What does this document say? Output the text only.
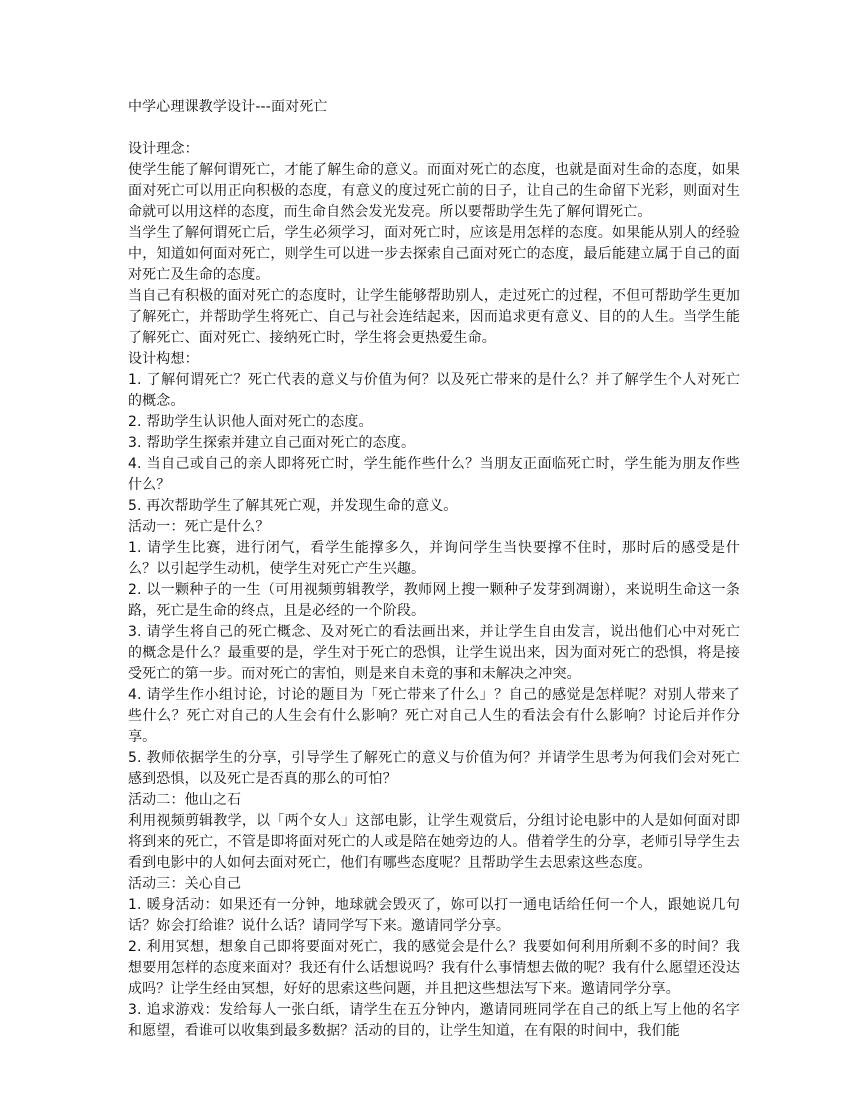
中学心理课教学设计---面对死亡
设计理念：
使学生能了解何谓死亡，才能了解生命的意义。而面对死亡的态度，也就是面对生命的态度，如果面对死亡可以用正向积极的态度，有意义的度过死亡前的日子，让自己的生命留下光彩，则面对生命就可以用这样的态度，而生命自然会发光发亮。所以要帮助学生先了解何谓死亡。
当学生了解何谓死亡后，学生必须学习，面对死亡时，应该是用怎样的态度。如果能从别人的经验中，知道如何面对死亡，则学生可以进一步去探索自己面对死亡的态度，最后能建立属于自己的面对死亡及生命的态度。
当自己有积极的面对死亡的态度时，让学生能够帮助别人，走过死亡的过程，不但可帮助学生更加了解死亡，并帮助学生将死亡、自己与社会连结起来，因而追求更有意义、目的的人生。当学生能了解死亡、面对死亡、接纳死亡时，学生将会更热爱生命。
设计构想：
1. 了解何谓死亡？死亡代表的意义与价值为何？以及死亡带来的是什么？并了解学生个人对死亡的概念。
2. 帮助学生认识他人面对死亡的态度。
3. 帮助学生探索并建立自己面对死亡的态度。
4. 当自己或自己的亲人即将死亡时，学生能作些什么？当朋友正面临死亡时，学生能为朋友作些什么？
5. 再次帮助学生了解其死亡观，并发现生命的意义。
活动一：死亡是什么？
1. 请学生比赛，进行闭气，看学生能撑多久，并询问学生当快要撑不住时，那时后的感受是什么？以引起学生动机，使学生对死亡产生兴趣。
2. 以一颗种子的一生（可用视频剪辑教学，教师网上搜一颗种子发芽到凋谢），来说明生命这一条路，死亡是生命的终点，且是必经的一个阶段。
3. 请学生将自己的死亡概念、及对死亡的看法画出来，并让学生自由发言，说出他们心中对死亡的概念是什么？最重要的是，学生对于死亡的恐惧，让学生说出来，因为面对死亡的恐惧，将是接受死亡的第一步。而对死亡的害怕，则是来自未竟的事和未解决之冲突。
4. 请学生作小组讨论，讨论的题目为「死亡带来了什么」？自己的感觉是怎样呢？对别人带来了些什么？死亡对自己的人生会有什么影响？死亡对自己人生的看法会有什么影响？讨论后并作分享。
5. 教师依据学生的分享，引导学生了解死亡的意义与价值为何？并请学生思考为何我们会对死亡感到恐惧，以及死亡是否真的那么的可怕？
活动二：他山之石
利用视频剪辑教学，以「两个女人」这部电影，让学生观赏后，分组讨论电影中的人是如何面对即将到来的死亡，不管是即将面对死亡的人或是陪在她旁边的人。借着学生的分享，老师引导学生去看到电影中的人如何去面对死亡，他们有哪些态度呢？且帮助学生去思索这些态度。
活动三：关心自己
1. 暖身活动：如果还有一分钟，地球就会毁灭了，妳可以打一通电话给任何一个人，跟她说几句话？妳会打给谁？说什么话？请同学写下来。邀请同学分享。
2. 利用冥想，想象自己即将要面对死亡，我的感觉会是什么？我要如何利用所剩不多的时间？我想要用怎样的态度来面对？我还有什么话想说吗？我有什么事情想去做的呢？我有什么愿望还没达成吗？让学生经由冥想，好好的思索这些问题，并且把这些想法写下来。邀请同学分享。
3. 追求游戏：发给每人一张白纸，请学生在五分钟内，邀请同班同学在自己的纸上写上他的名字和愿望，看谁可以收集到最多数据？活动的目的，让学生知道，在有限的时间中，我们能
